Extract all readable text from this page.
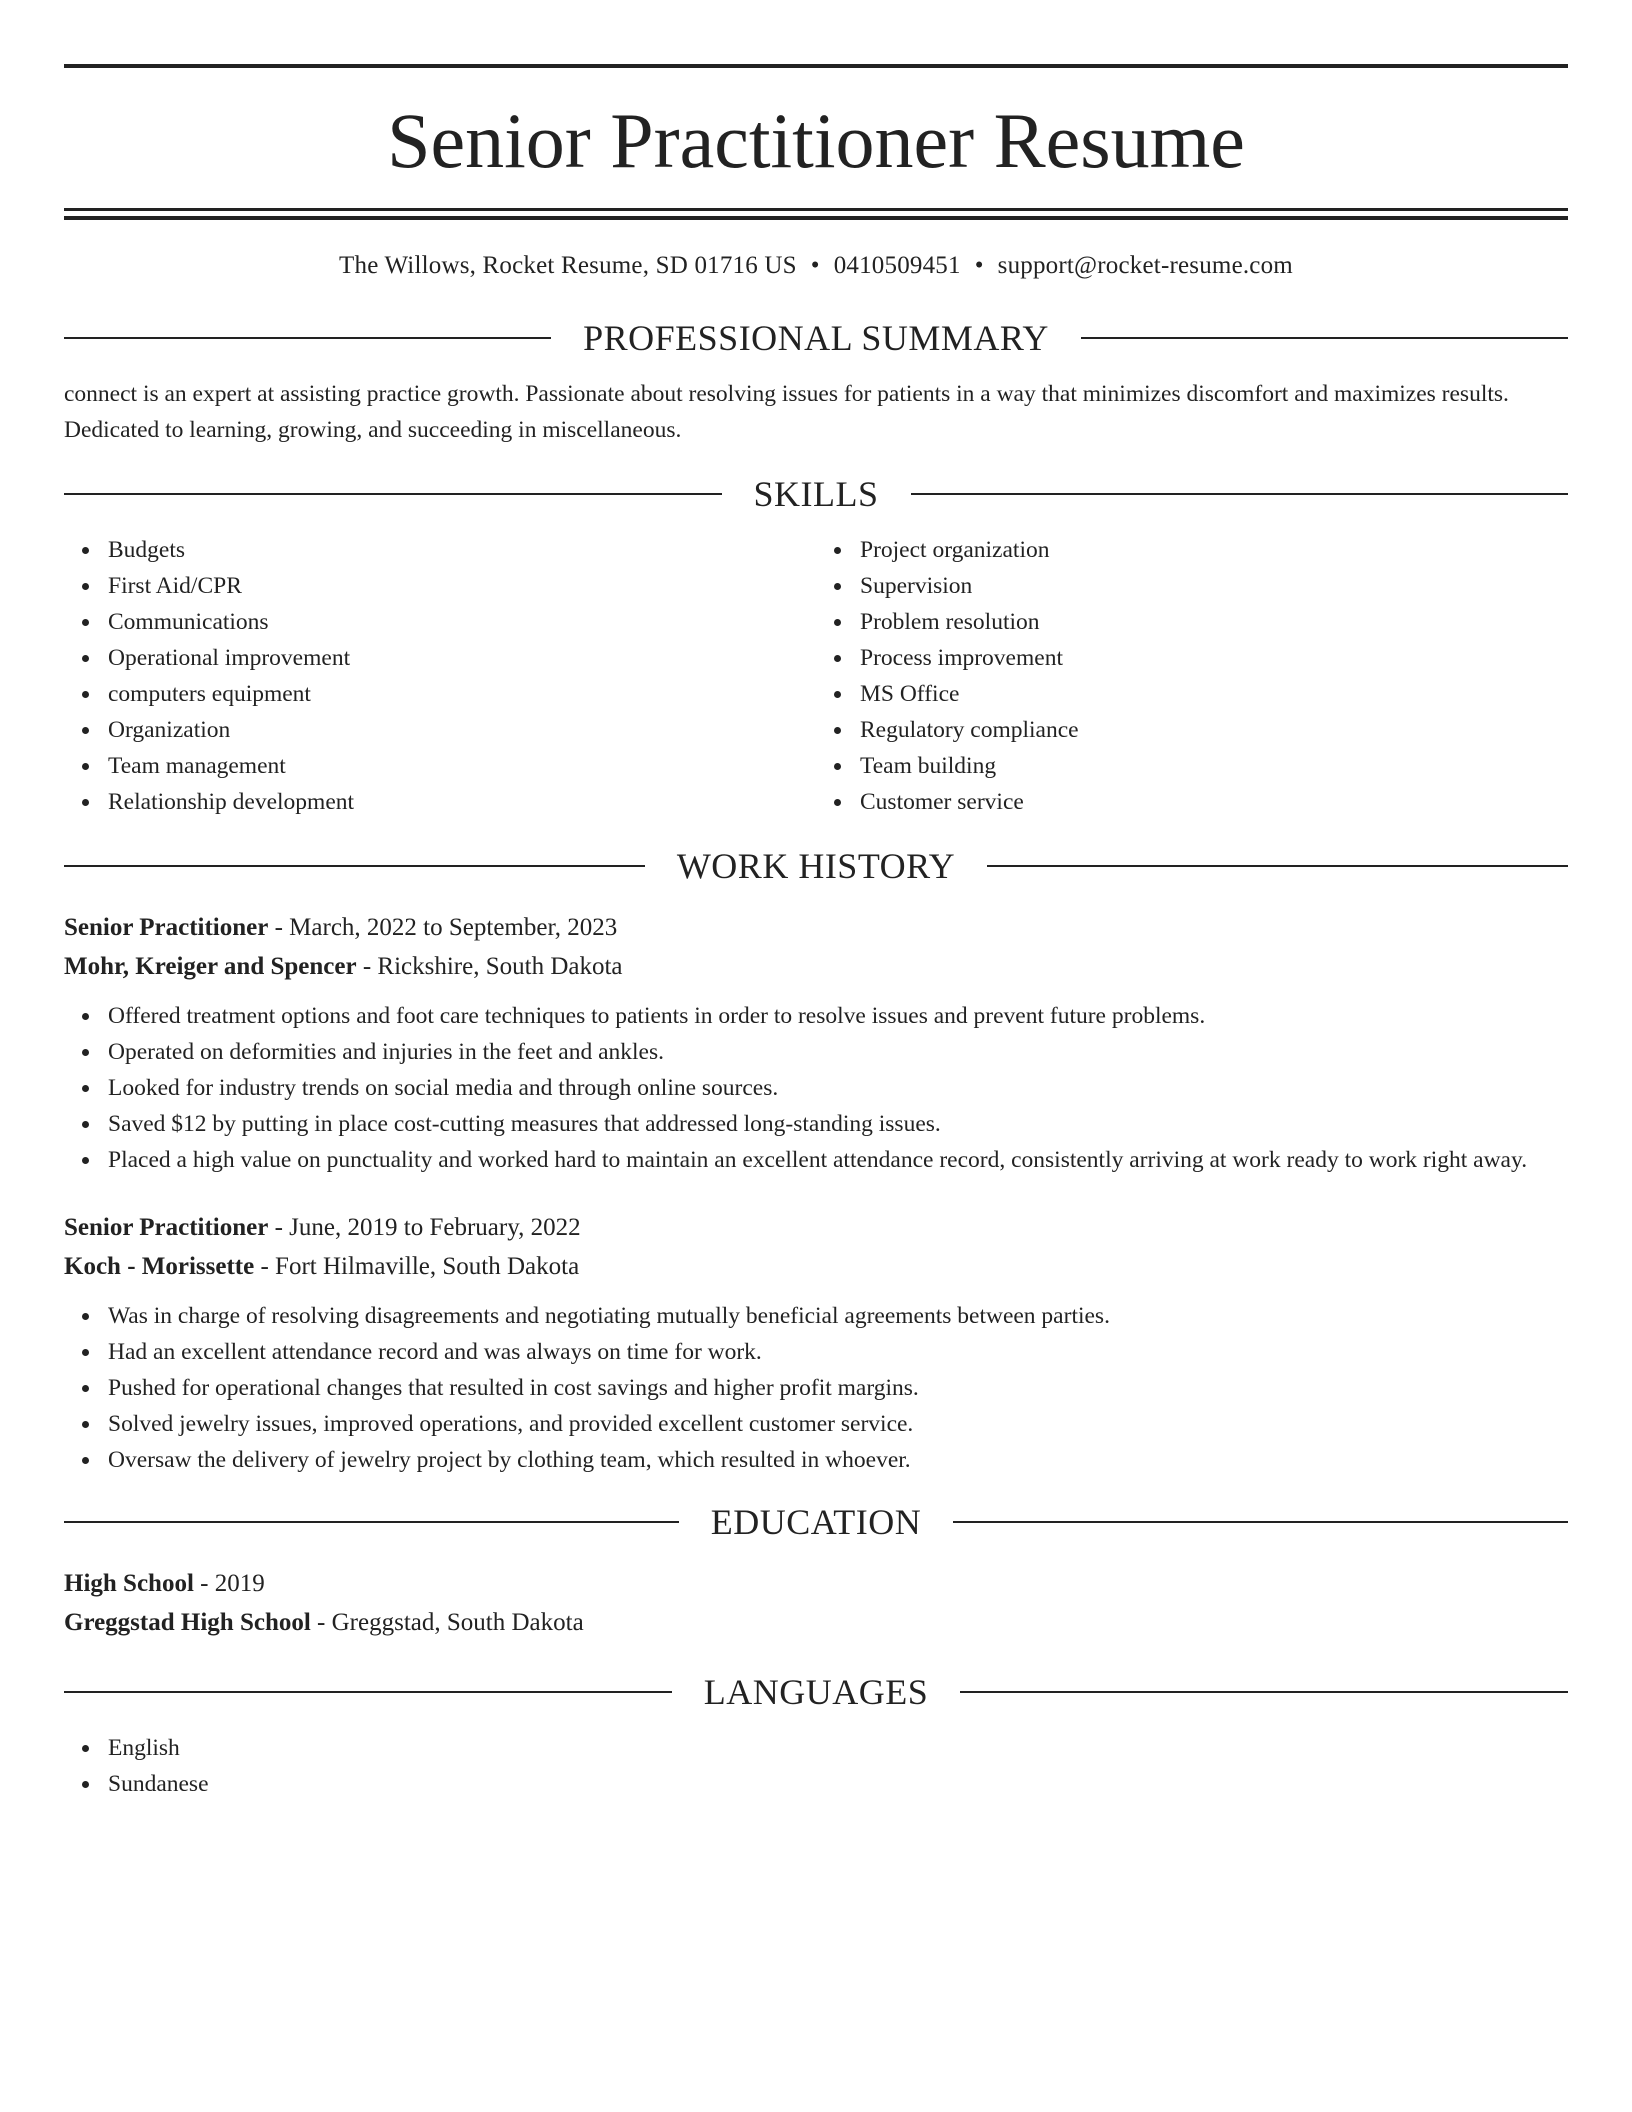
Senior Practitioner Resume
The Willows, Rocket Resume, SD 01716 US • 0410509451 • support@rocket-resume.com
PROFESSIONAL SUMMARY
connect is an expert at assisting practice growth. Passionate about resolving issues for patients in a way that minimizes discomfort and maximizes results. Dedicated to learning, growing, and succeeding in miscellaneous.
SKILLS
Budgets
First Aid/CPR
Communications
Operational improvement
computers equipment
Organization
Team management
Relationship development
Project organization
Supervision
Problem resolution
Process improvement
MS Office
Regulatory compliance
Team building
Customer service
WORK HISTORY
Senior Practitioner - March, 2022 to September, 2023
Mohr, Kreiger and Spencer - Rickshire, South Dakota
Offered treatment options and foot care techniques to patients in order to resolve issues and prevent future problems.
Operated on deformities and injuries in the feet and ankles.
Looked for industry trends on social media and through online sources.
Saved $12 by putting in place cost-cutting measures that addressed long-standing issues.
Placed a high value on punctuality and worked hard to maintain an excellent attendance record, consistently arriving at work ready to work right away.
Senior Practitioner - June, 2019 to February, 2022
Koch - Morissette - Fort Hilmaville, South Dakota
Was in charge of resolving disagreements and negotiating mutually beneficial agreements between parties.
Had an excellent attendance record and was always on time for work.
Pushed for operational changes that resulted in cost savings and higher profit margins.
Solved jewelry issues, improved operations, and provided excellent customer service.
Oversaw the delivery of jewelry project by clothing team, which resulted in whoever.
EDUCATION
High School - 2019
Greggstad High School - Greggstad, South Dakota
LANGUAGES
English
Sundanese
